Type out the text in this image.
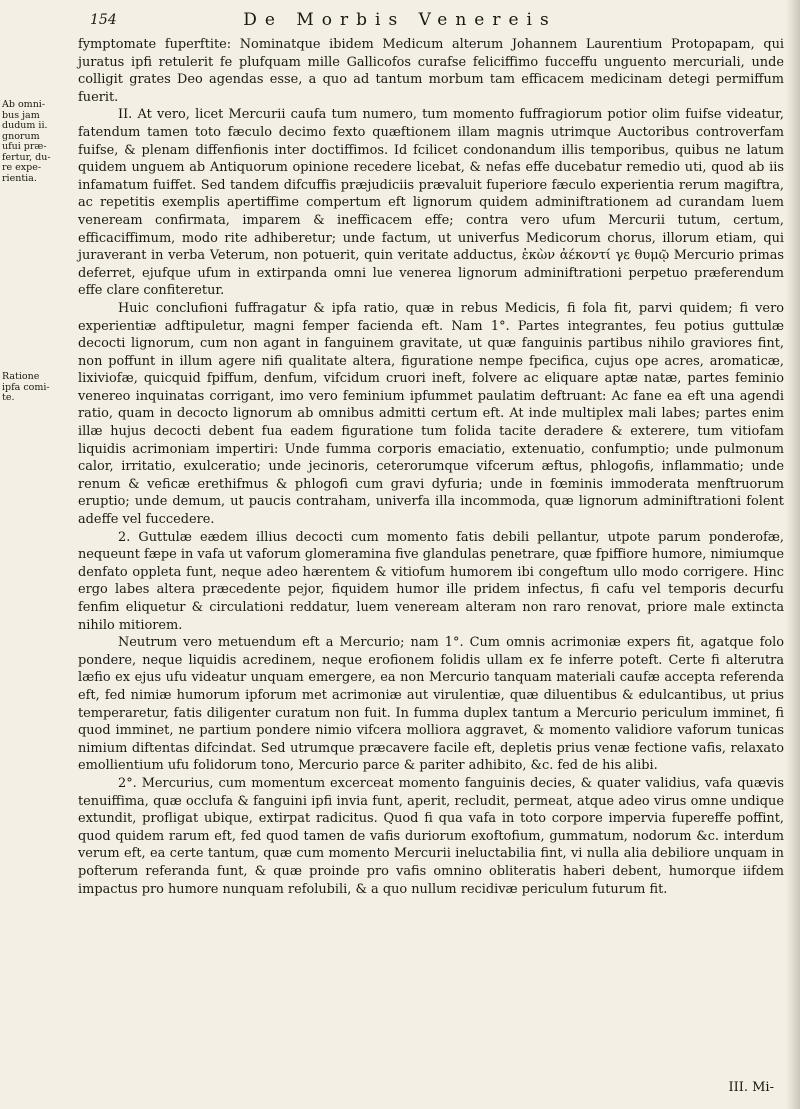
154	De Morbis Venereis
Ab omni-
bus jam
dudum ii.
gnorum
ufui præ-
fertur, du-
re expe-
rientia.
Ratione
ipfa comi-
te.

fymptomate fuperftite: Nominatque ibidem Medicum alterum Johannem Laurentium Protopapam, qui juratus ipfi retulerit fe plufquam mille Gallicofos curafse feliciffimo fucceffu unguento mercuriali, unde colligit grates Deo agendas esse, a quo ad tantum morbum tam efficacem medicinam detegi permiffum fuerit.

II. At vero, licet Mercurii caufa tum numero, tum momento fuffragiorum potior olim fuifse videatur, fatendum tamen toto fæculo decimo fexto quæftionem illam magnis utrimque Auctoribus controverfam fuifse, & plenam diffenfionis inter doctiffimos. Id fcilicet condonandum illis temporibus, quibus ne latum quidem unguem ab Antiquorum opinione recedere licebat, & nefas effe ducebatur remedio uti, quod ab iis infamatum fuiffet. Sed tandem difcuffis præjudiciis prævaluit fuperiore fæculo experientia rerum magiftra, ac repetitis exemplis apertiffime compertum eft lignorum quidem adminiftrationem ad curandam luem veneream confirmata, imparem & inefficacem effe; contra vero ufum Mercurii tutum, certum, efficaciffimum, modo rite adhiberetur; unde factum, ut univerfus Medicorum chorus, illorum etiam, qui juraverant in verba Veterum, non potuerit, quin veritate adductus, ἑκὼν ἀέκοντί γε θυμῷ Mercurio primas deferret, ejufque ufum in extirpanda omni lue venerea lignorum adminiftrationi perpetuo præferendum effe clare confiteretur.

Huic conclufioni fuffragatur & ipfa ratio, quæ in rebus Medicis, fi fola fit, parvi quidem; fi vero experientiæ adftipuletur, magni femper facienda eft. Nam 1°. Partes integrantes, feu potius guttulæ decocti lignorum, cum non agant in fanguinem gravitate, ut quæ fanguinis partibus nihilo graviores fint, non poffunt in illum agere nifi qualitate altera, figuratione nempe fpecifica, cujus ope acres, aromaticæ, lixiviofæ, quicquid fpiffum, denfum, vifcidum cruori ineft, folvere ac eliquare aptæ natæ, partes feminio venereo inquinatas corrigant, imo vero feminium ipfummet paulatim deftruant: Ac fane ea eft una agendi ratio, quam in decocto lignorum ab omnibus admitti certum eft. At inde multiplex mali labes; partes enim illæ hujus decocti debent fua eadem figuratione tum folida tacite deradere & exterere, tum vitiofam liquidis acrimoniam impertiri: Unde fumma corporis emaciatio, extenuatio, confumptio; unde pulmonum calor, irritatio, exulceratio; unde jecinoris, ceterorumque vifcerum æftus, phlogofis, inflammatio; unde renum & veficæ erethifmus & phlogofi cum gravi dyfuria; unde in fœminis immoderata menftruorum eruptio; unde demum, ut paucis contraham, univerfa illa incommoda, quæ lignorum adminiftrationi folent adeffe vel fuccedere.

2. Guttulæ eædem illius decocti cum momento fatis debili pellantur, utpote parum ponderofæ, nequeunt fæpe in vafa ut vaforum glomeramina five glandulas penetrare, quæ fpiffiore humore, nimiumque denfato oppleta funt, neque adeo hærentem & vitiofum humorem ibi congeftum ullo modo corrigere. Hinc ergo labes altera præcedente pejor, fiquidem humor ille pridem infectus, fi cafu vel temporis decurfu fenfim eliquetur & circulationi reddatur, luem veneream alteram non raro renovat, priore male extincta nihilo mitiorem.

Neutrum vero metuendum eft a Mercurio; nam 1°. Cum omnis acrimoniæ expers fit, agatque folo pondere, neque liquidis acredinem, neque erofionem folidis ullam ex fe inferre poteft. Certe fi alterutra læfio ex ejus ufu videatur unquam emergere, ea non Mercurio tanquam materiali caufæ accepta referenda eft, fed nimiæ humorum ipforum met acrimoniæ aut virulentiæ, quæ diluentibus & edulcantibus, ut prius temperaretur, fatis diligenter curatum non fuit. In fumma duplex tantum a Mercurio periculum imminet, fi quod imminet, ne partium pondere nimio vifcera molliora aggravet, & momento validiore vaforum tunicas nimium diftentas difcindat. Sed utrumque præcavere facile eft, depletis prius venæ fectione vafis, relaxato emollientium ufu folidorum tono, Mercurio parce & pariter adhibito, &c. fed de his alibi.

2°. Mercurius, cum momentum excerceat momento fanguinis decies, & quater validius, vafa quævis tenuiffima, quæ occlufa & fanguini ipfi invia funt, aperit, recludit, permeat, atque adeo virus omne undique extundit, profligat ubique, extirpat radicitus. Quod fi qua vafa in toto corpore impervia fupereffe poffint, quod quidem rarum eft, fed quod tamen de vafis duriorum exoftofium, gummatum, nodorum &c. interdum verum eft, ea certe tantum, quæ cum momento Mercurii ineluctabilia fint, vi nulla alia debiliore unquam in pofterum referanda funt, & quæ proinde pro vafis omnino obliteratis haberi debent, humorque iifdem impactus pro humore nunquam refolubili, & a quo nullum recidivæ periculum futurum fit.

III. Mi-
